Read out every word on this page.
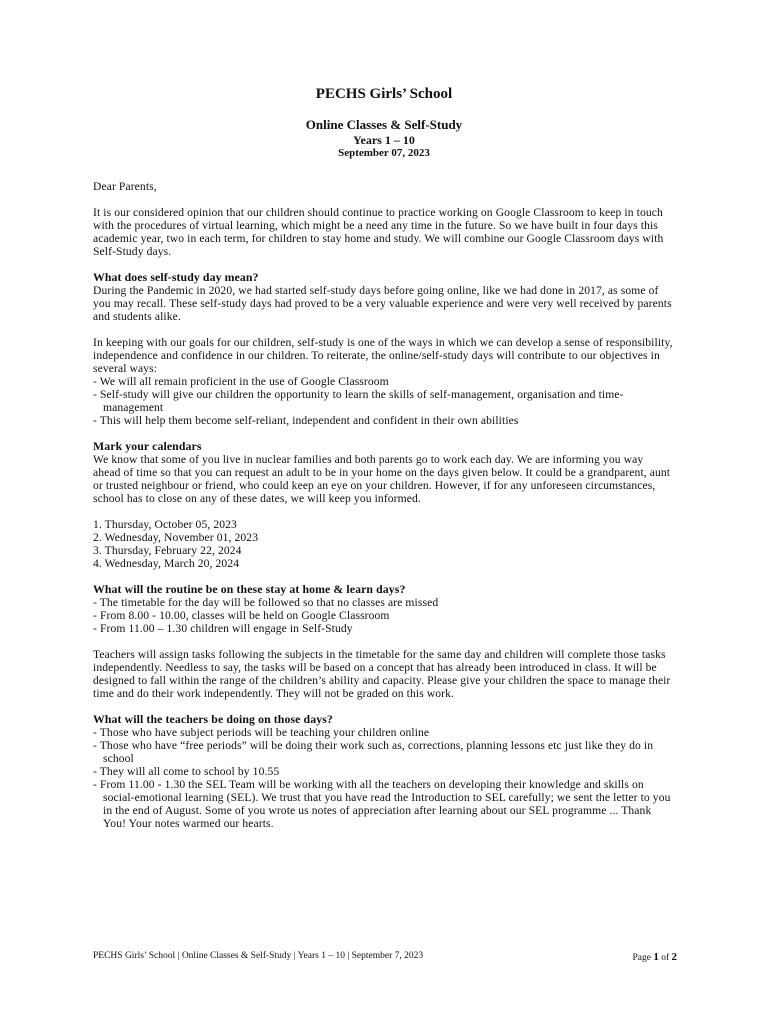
PECHS Girls’ School
Online Classes & Self-Study
Years 1 – 10
September 07, 2023

Dear Parents,

It is our considered opinion that our children should continue to practice working on Google Classroom to keep in touch with the procedures of virtual learning, which might be a need any time in the future. So we have built in four days this academic year, two in each term, for children to stay home and study. We will combine our Google Classroom days with Self-Study days.

What does self-study day mean?

During the Pandemic in 2020, we had started self-study days before going online, like we had done in 2017, as some of you may recall. These self-study days had proved to be a very valuable experience and were very well received by parents and students alike.

In keeping with our goals for our children, self-study is one of the ways in which we can develop a sense of responsibility, independence and confidence in our children. To reiterate, the online/self-study days will contribute to our objectives in several ways:
- We will all remain proficient in the use of Google Classroom
- Self-study will give our children the opportunity to learn the skills of self-management, organisation and time-management
- This will help them become self-reliant, independent and confident in their own abilities
Mark your calendars

We know that some of you live in nuclear families and both parents go to work each day. We are informing you way ahead of time so that you can request an adult to be in your home on the days given below. It could be a grandparent, aunt or trusted neighbour or friend, who could keep an eye on your children. However, if for any unforeseen circumstances, school has to close on any of these dates, we will keep you informed.

1. Thursday, October 05, 2023
2. Wednesday, November 01, 2023
3. Thursday, February 22, 2024
4. Wednesday, March 20, 2024
What will the routine be on these stay at home & learn days?
- The timetable for the day will be followed so that no classes are missed
- From 8.00 - 10.00, classes will be held on Google Classroom
- From 11.00 – 1.30 children will engage in Self-Study

Teachers will assign tasks following the subjects in the timetable for the same day and children will complete those tasks independently. Needless to say, the tasks will be based on a concept that has already been introduced in class. It will be designed to fall within the range of the children’s ability and capacity. Please give your children the space to manage their time and do their work independently. They will not be graded on this work.

What will the teachers be doing on those days?
- Those who have subject periods will be teaching your children online
- Those who have “free periods” will be doing their work such as, corrections, planning lessons etc just like they do in school
- They will all come to school by 10.55
- From 11.00 - 1.30 the SEL Team will be working with all the teachers on developing their knowledge and skills on social-emotional learning (SEL). We trust that you have read the Introduction to SEL carefully; we sent the letter to you in the end of August. Some of you wrote us notes of appreciation after learning about our SEL programme ... Thank You! Your notes warmed our hearts.
PECHS Girls’ School | Online Classes & Self-Study | Years 1 – 10 | September 7, 2023	Page 1 of 2
